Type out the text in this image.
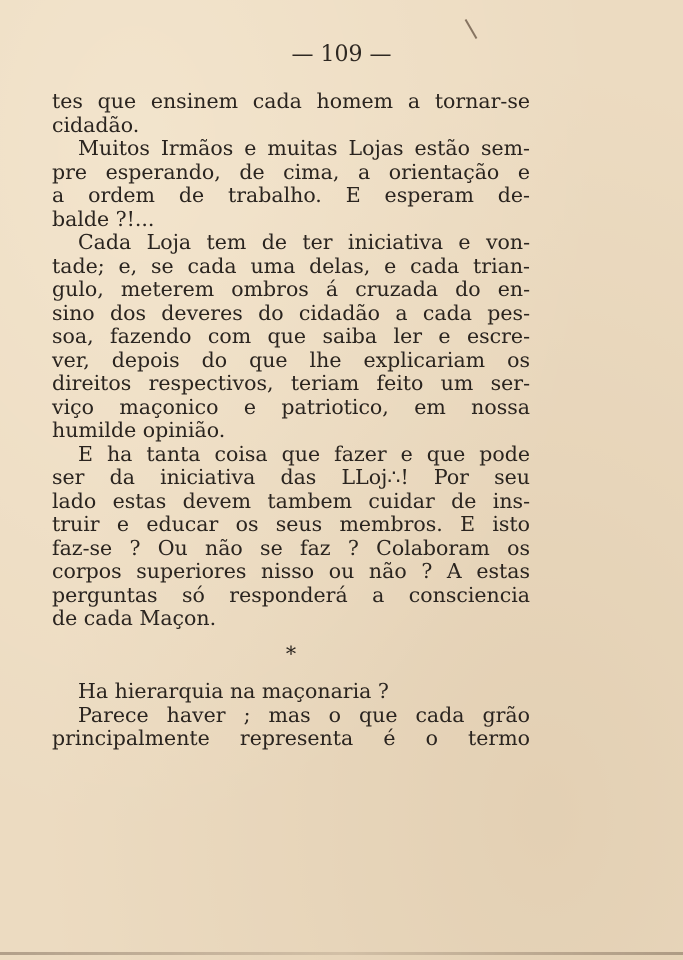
— 109 —
tes que ensinem cada homem a tornar-se
cidadão.
Muitos Irmãos e muitas Lojas estão sem-
pre esperando, de cima, a orientação e
a ordem de trabalho. E esperam de-
balde ?!...
Cada Loja tem de ter iniciativa e von-
tade; e, se cada uma delas, e cada trian-
gulo, meterem ombros á cruzada do en-
sino dos deveres do cidadão a cada pes-
soa, fazendo com que saiba ler e escre-
ver, depois do que lhe explicariam os
direitos respectivos, teriam feito um ser-
viço maçonico e patriotico, em nossa
humilde opinião.
E ha tanta coisa que fazer e que pode
ser da iniciativa das LLoj∴! Por seu
lado estas devem tambem cuidar de ins-
truir e educar os seus membros. E isto
faz-se ? Ou não se faz ? Colaboram os
corpos superiores nisso ou não ? A estas
perguntas só responderá a consciencia
de cada Maçon.
*
Ha hierarquia na maçonaria ?
Parece haver ; mas o que cada grão
principalmente representa é o termo
